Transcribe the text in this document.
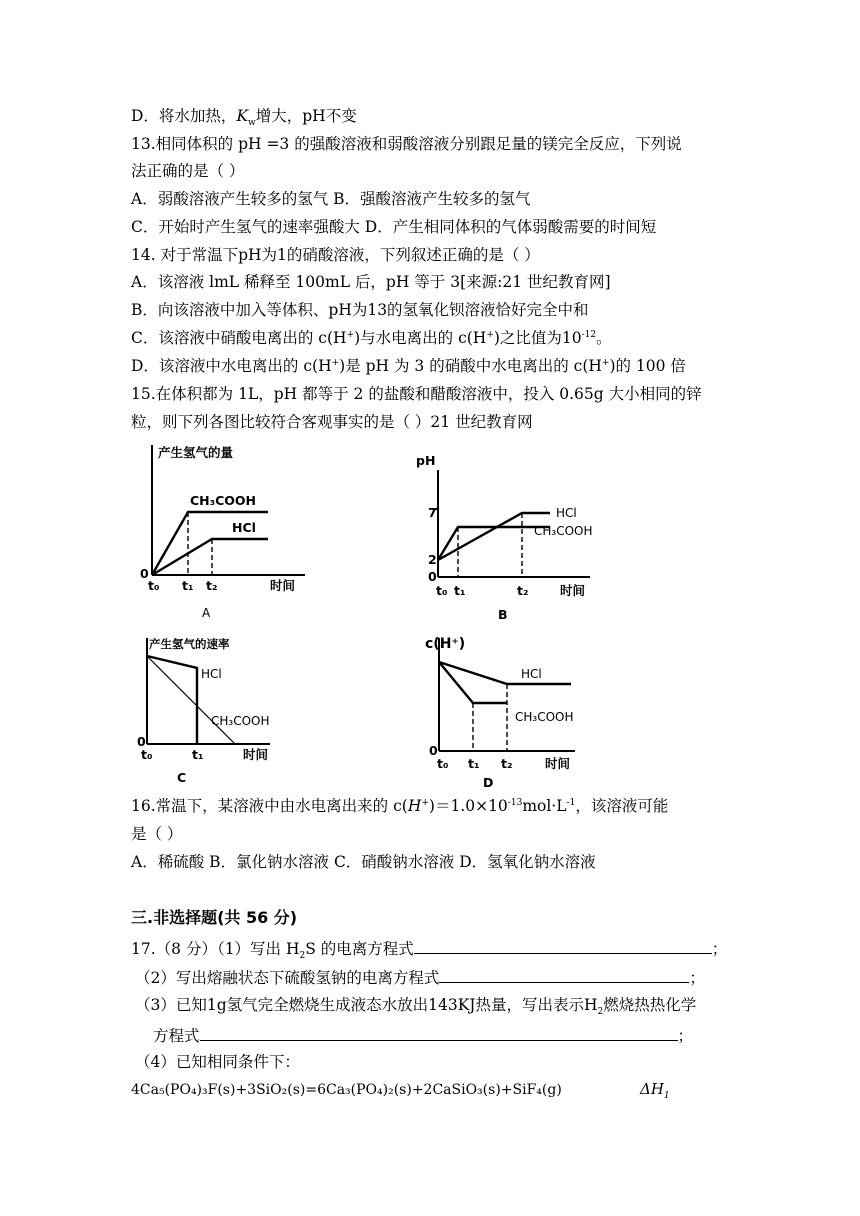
D．将水加热，$K_w$增大，pH不变
13.相同体积的 pH =3 的强酸溶液和弱酸溶液分别跟足量的镁完全反应，下列说
法正确的是（ ）
A．弱酸溶液产生较多的氢气 B．强酸溶液产生较多的氢气
C．开始时产生氢气的速率强酸大 D．产生相同体积的气体弱酸需要的时间短
14. 对于常温下pH为1的硝酸溶液，下列叙述正确的是（ ）
A．该溶液 lmL 稀释至 100mL 后，pH 等于 3[来源:21 世纪教育网]
B．向该溶液中加入等体积、pH为13的氢氧化钡溶液恰好完全中和
C．该溶液中硝酸电离出的 c(H+)与水电离出的 c(H+)之比值为$10^{-12}$。
D．该溶液中水电离出的 c(H+)是 pH 为 3 的硝酸中水电离出的 c(H+)的 100 倍
15.在体积都为 1L，pH 都等于 2 的盐酸和醋酸溶液中，投入 0.65g 大小相同的锌
粒，则下列各图比较符合客观事实的是（ ）21 世纪教育网
产生氢气的量
CH₃COOH
HCl
0
t₀ t₁ t₂	时间
A
pH
7
2
0
HCl
CH₃COOH
t₀ t₁	t₂	时间
B
产生氢气的速率
HCl
CH₃COOH
0
t₀	t₁	时间
C
c(H⁺)
HCl
CH₃COOH
0
t₀ t₁ t₂	时间
D
16.常温下，某溶液中由水电离出来的 $c(H^+)=1.0\times 10^{-13}mol\cdot L^{-1}$，该溶液可能
是（ ）
A．稀硫酸 B．氯化钠水溶液 C．硝酸钠水溶液 D．氢氧化钠水溶液
三.非选择题(共 56 分)
17.（8 分）（1）写出 $H_2S$ 的电离方程式	；
（2）写出熔融状态下硫酸氢钠的电离方程式	；
（3）已知1g氢气完全燃烧生成液态水放出143KJ热量，写出表示$H_2$燃烧热热化学
方程式	；
（4）已知相同条件下：
4Ca₅(PO₄)₃F(s)+3SiO₂(s)=6Ca₃(PO₄)₂(s)+2CaSiO₃(s)+SiF₄(g)	$\Delta H_1$
